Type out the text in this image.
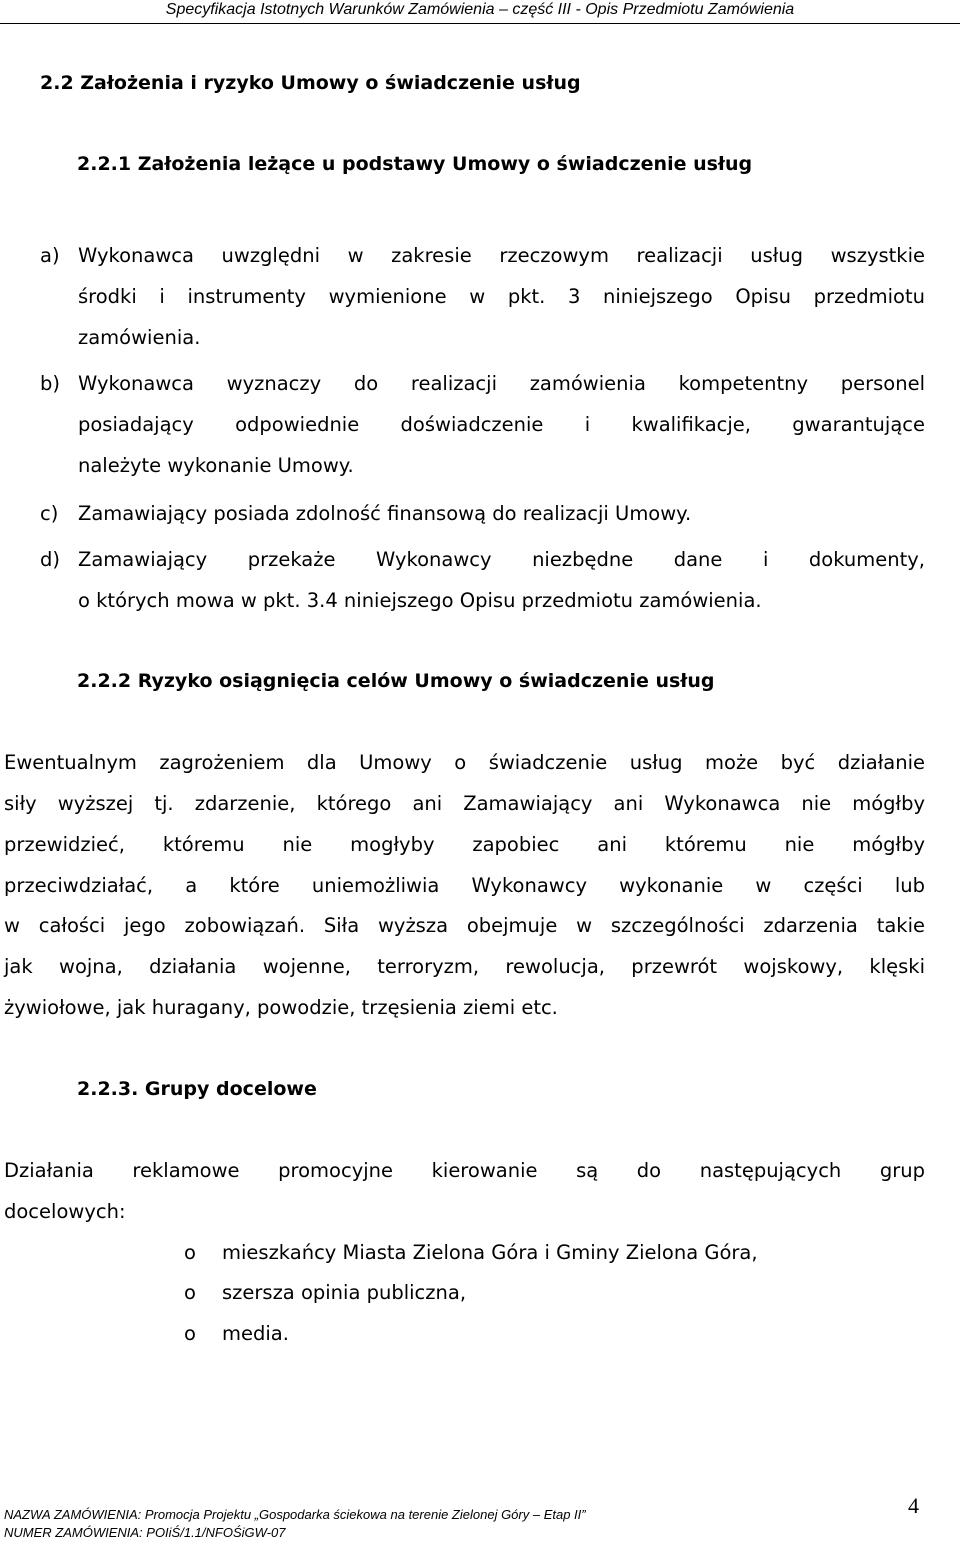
Specyfikacja Istotnych Warunków Zamówienia – część III - Opis Przedmiotu Zamówienia
2.2 Założenia i ryzyko Umowy o świadczenie usług
2.2.1 Założenia leżące u podstawy Umowy o świadczenie usług
a) Wykonawca uwzględni w zakresie rzeczowym realizacji usług wszystkie
środki i instrumenty wymienione w pkt. 3 niniejszego Opisu przedmiotu
zamówienia.
b) Wykonawca wyznaczy do realizacji zamówienia kompetentny personel
posiadający odpowiednie doświadczenie i kwalifikacje, gwarantujące
należyte wykonanie Umowy.
c) Zamawiający posiada zdolność finansową do realizacji Umowy.
d) Zamawiający przekaże Wykonawcy niezbędne dane i dokumenty,
o których mowa w pkt. 3.4 niniejszego Opisu przedmiotu zamówienia.
2.2.2 Ryzyko osiągnięcia celów Umowy o świadczenie usług
Ewentualnym zagrożeniem dla Umowy o świadczenie usług może być działanie
siły wyższej tj. zdarzenie, którego ani Zamawiający ani Wykonawca nie mógłby
przewidzieć, któremu nie mogłyby zapobiec ani któremu nie mógłby
przeciwdziałać, a które uniemożliwia Wykonawcy wykonanie w części lub
w całości jego zobowiązań. Siła wyższa obejmuje w szczególności zdarzenia takie
jak wojna, działania wojenne, terroryzm, rewolucja, przewrót wojskowy, klęski
żywiołowe, jak huragany, powodzie, trzęsienia ziemi etc.
2.2.3. Grupy docelowe
Działania reklamowe promocyjne kierowanie są do następujących grup
docelowych:
o mieszkańcy Miasta Zielona Góra i Gminy Zielona Góra,
o szersza opinia publiczna,
o media.
NAZWA ZAMÓWIENIA: Promocja Projektu „Gospodarka ściekowa na terenie Zielonej Góry – Etap II”
NUMER ZAMÓWIENIA: POIiŚ/1.1/NFOŚiGW-07
4
